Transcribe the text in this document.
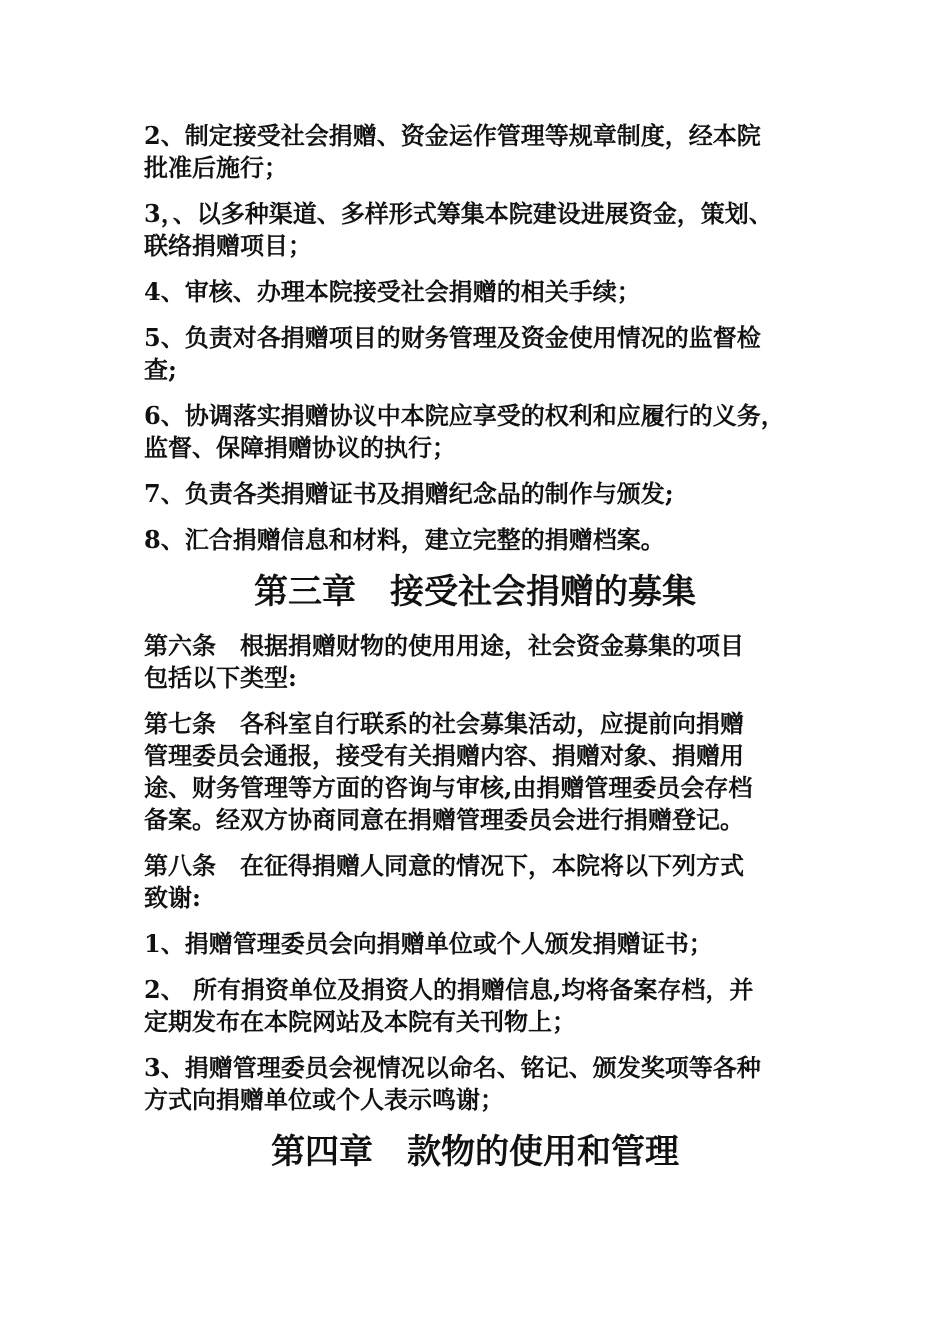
2、制定接受社会捐赠、资金运作管理等规章制度，经本院
批准后施行；
3，、以多种渠道、多样形式筹集本院建设进展资金，策划、
联络捐赠项目；
4、审核、办理本院接受社会捐赠的相关手续；
5、负责对各捐赠项目的财务管理及资金使用情况的监督检
查;
6、协调落实捐赠协议中本院应享受的权利和应履行的义务，
监督、保障捐赠协议的执行；
7、负责各类捐赠证书及捐赠纪念品的制作与颁发;
8、汇合捐赠信息和材料，建立完整的捐赠档案。
第三章　接受社会捐赠的募集
第六条　根据捐赠财物的使用用途，社会资金募集的项目
包括以下类型:
第七条　各科室自行联系的社会募集活动，应提前向捐赠
管理委员会通报，接受有关捐赠内容、捐赠对象、捐赠用
途、财务管理等方面的咨询与审核,由捐赠管理委员会存档
备案。经双方协商同意在捐赠管理委员会进行捐赠登记。
第八条　在征得捐赠人同意的情况下，本院将以下列方式
致谢:
1、捐赠管理委员会向捐赠单位或个人颁发捐赠证书；
2、 所有捐资单位及捐资人的捐赠信息,均将备案存档，并
定期发布在本院网站及本院有关刊物上；
3、捐赠管理委员会视情况以命名、铭记、颁发奖项等各种
方式向捐赠单位或个人表示鸣谢；
第四章　款物的使用和管理
